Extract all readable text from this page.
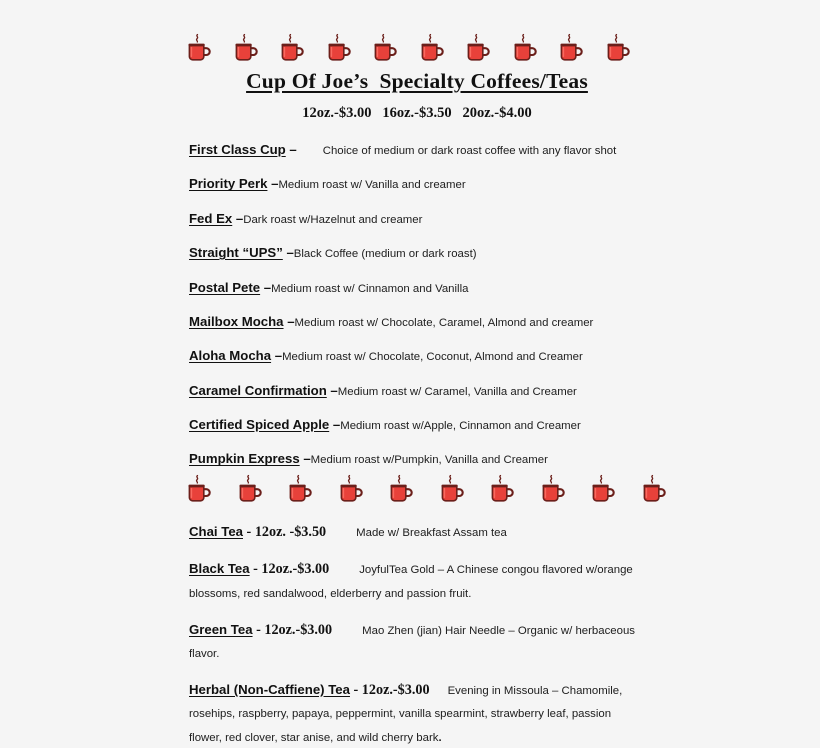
Cup Of Joe’s  Specialty Coffees/Teas
12oz.-$3.00   16oz.-$3.50   20oz.-$4.00
First Class Cup – Choice of medium or dark roast coffee with any flavor shot
Priority Perk –Medium roast w/ Vanilla and creamer
Fed Ex –Dark roast w/Hazelnut and creamer
Straight “UPS” –Black Coffee (medium or dark roast)
Postal Pete –Medium roast w/ Cinnamon and Vanilla
Mailbox Mocha –Medium roast w/ Chocolate, Caramel, Almond and creamer
Aloha Mocha –Medium roast w/ Chocolate, Coconut, Almond and Creamer
Caramel Confirmation –Medium roast w/ Caramel, Vanilla and Creamer
Certified Spiced Apple –Medium roast w/Apple, Cinnamon and Creamer
Pumpkin Express –Medium roast w/Pumpkin, Vanilla and Creamer
Chai Tea - 12oz. -$3.50	Made w/ Breakfast Assam tea
Black Tea - 12oz.-$3.00	JoyfulTea Gold – A Chinese congou flavored w/orange blossoms, red sandalwood, elderberry and passion fruit.
Green Tea - 12oz.-$3.00	Mao Zhen (jian) Hair Needle – Organic w/ herbaceous flavor.
Herbal (Non-Caffiene) Tea - 12oz.-$3.00 Evening in Missoula – Chamomile, rosehips, raspberry, papaya, peppermint, vanilla spearmint, strawberry leaf, passion flower, red clover, star anise, and wild cherry bark.
